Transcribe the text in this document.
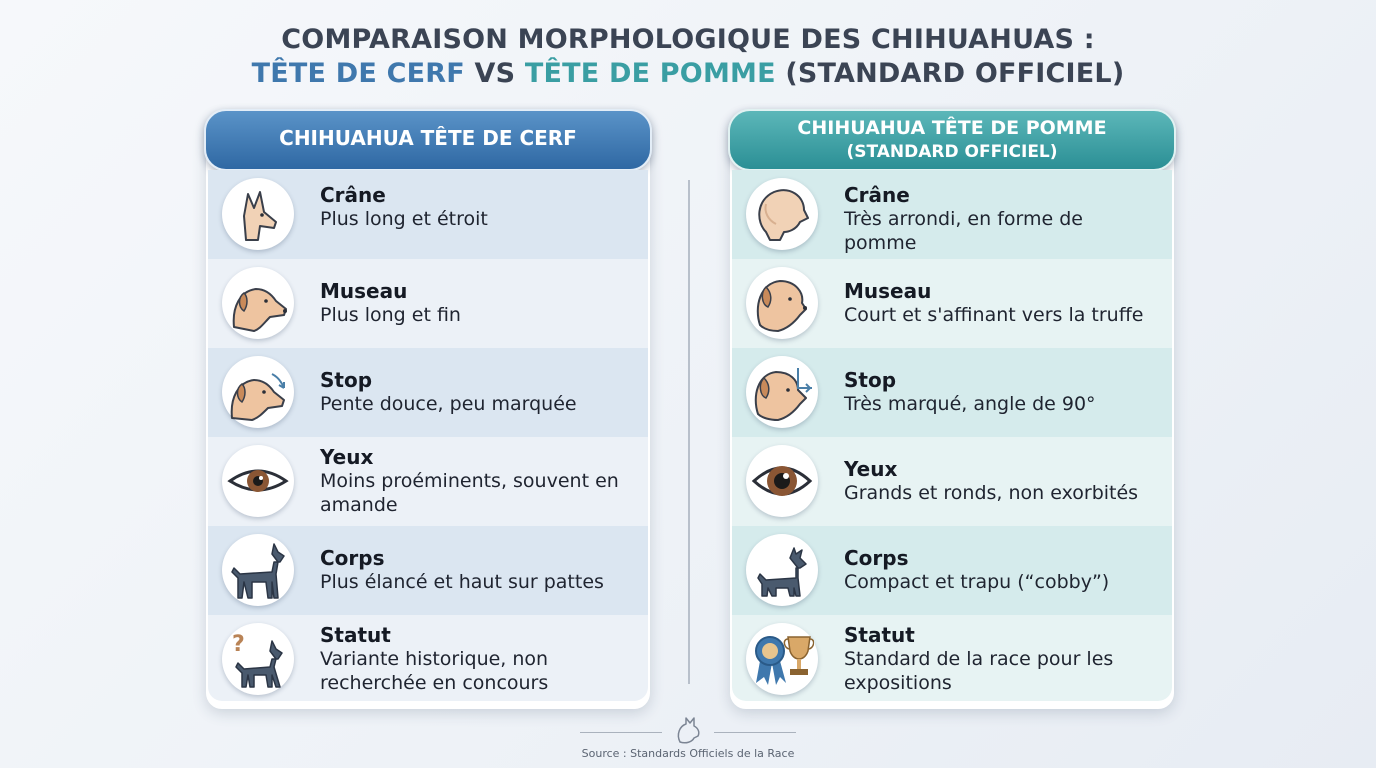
COMPARAISON MORPHOLOGIQUE DES CHIHUAHUAS :
TÊTE DE CERF VS TÊTE DE POMME (STANDARD OFFICIEL)
CHIHUAHUA TÊTE DE CERF
Crâne
Plus long et étroit
Museau
Plus long et fin
Stop
Pente douce, peu marquée
Yeux
Moins proéminents, souvent en amande
Corps
Plus élancé et haut sur pattes
?	Statut
Variante historique, non recherchée en concours
CHIHUAHUA TÊTE DE POMME
(STANDARD OFFICIEL)
Crâne
Très arrondi, en forme de pomme
Museau
Court et s'affinant vers la truffe
Stop
Très marqué, angle de 90°
Yeux
Grands et ronds, non exorbités
Corps
Compact et trapu (“cobby”)
Statut
Standard de la race pour les expositions
Source : Standards Officiels de la Race
